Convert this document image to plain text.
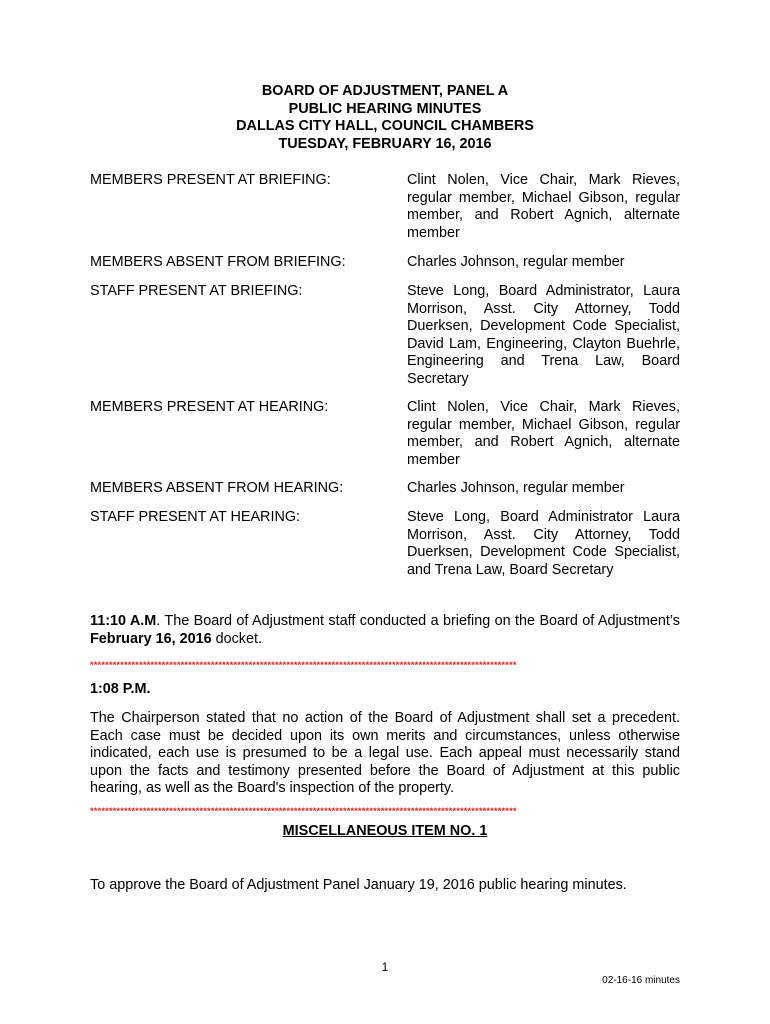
BOARD OF ADJUSTMENT, PANEL A
PUBLIC HEARING MINUTES
DALLAS CITY HALL, COUNCIL CHAMBERS
TUESDAY, FEBRUARY 16, 2016
MEMBERS PRESENT AT BRIEFING:	Clint Nolen, Vice Chair, Mark Rieves, regular member, Michael Gibson, regular member, and Robert Agnich, alternate member
MEMBERS ABSENT FROM BRIEFING:	Charles Johnson, regular member
STAFF PRESENT AT BRIEFING:	Steve Long, Board Administrator, Laura Morrison, Asst. City Attorney, Todd Duerksen, Development Code Specialist, David Lam, Engineering, Clayton Buehrle, Engineering and Trena Law, Board Secretary
MEMBERS PRESENT AT HEARING:	Clint Nolen, Vice Chair, Mark Rieves, regular member, Michael Gibson, regular member, and Robert Agnich, alternate member
MEMBERS ABSENT FROM HEARING:	Charles Johnson, regular member
STAFF PRESENT AT HEARING:	Steve Long, Board Administrator Laura Morrison, Asst. City Attorney, Todd Duerksen, Development Code Specialist, and Trena Law, Board Secretary
11:10 A.M. The Board of Adjustment staff conducted a briefing on the Board of Adjustment’s February 16, 2016 docket.
*****************************************************************************************************************
1:08 P.M.
The Chairperson stated that no action of the Board of Adjustment shall set a precedent. Each case must be decided upon its own merits and circumstances, unless otherwise indicated, each use is presumed to be a legal use. Each appeal must necessarily stand upon the facts and testimony presented before the Board of Adjustment at this public hearing, as well as the Board's inspection of the property.
*****************************************************************************************************************
MISCELLANEOUS ITEM NO. 1
To approve the Board of Adjustment Panel January 19, 2016 public hearing minutes.
1
02-16-16 minutes
